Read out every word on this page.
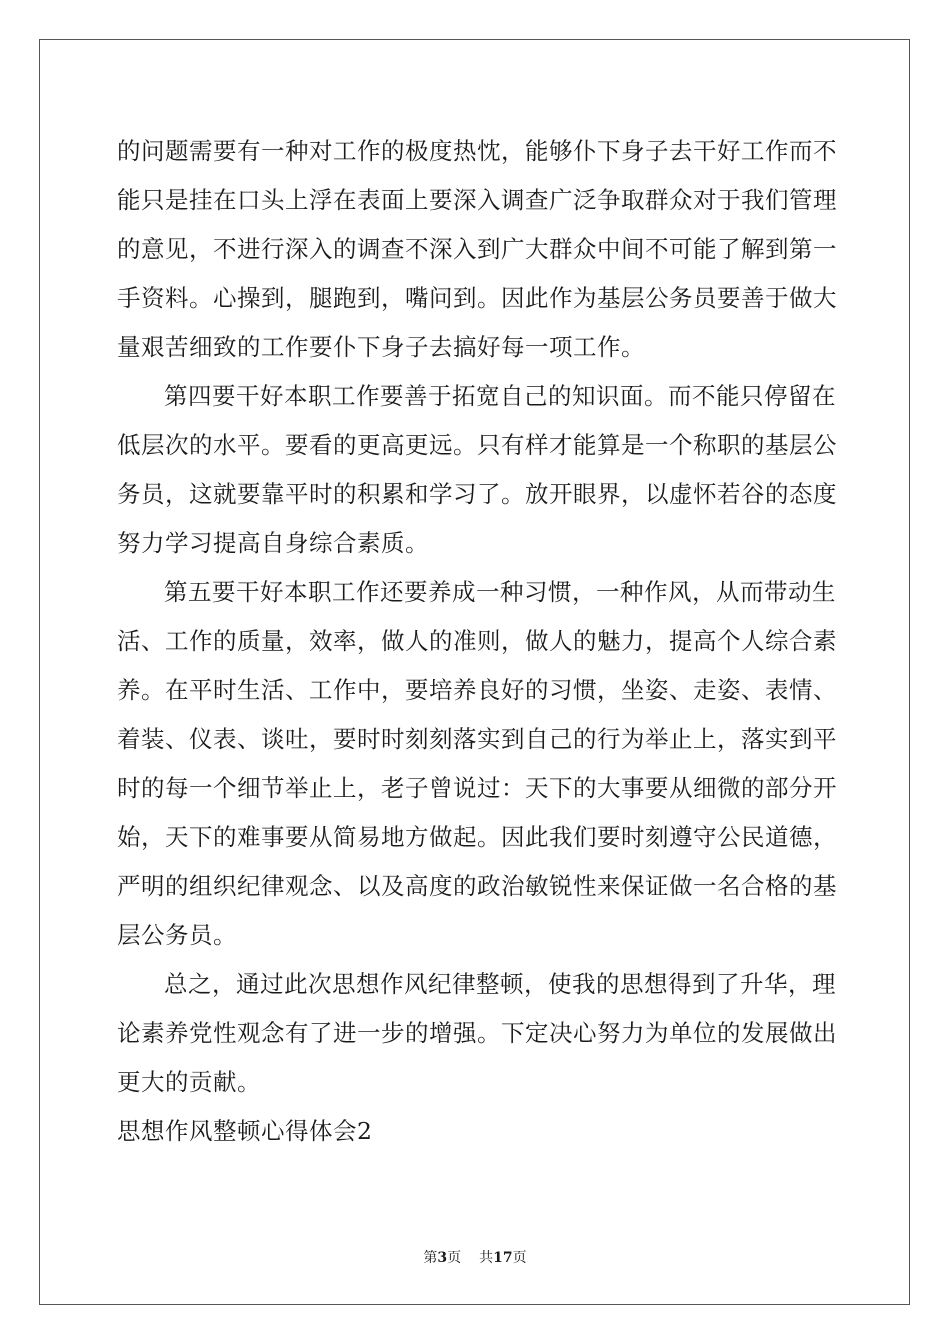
的问题需要有一种对工作的极度热忱，能够仆下身子去干好工作而不
能只是挂在口头上浮在表面上要深入调查广泛争取群众对于我们管理
的意见，不进行深入的调查不深入到广大群众中间不可能了解到第一
手资料。心操到，腿跑到，嘴问到。因此作为基层公务员要善于做大
量艰苦细致的工作要仆下身子去搞好每一项工作。
第四要干好本职工作要善于拓宽自己的知识面。而不能只停留在
低层次的水平。要看的更高更远。只有样才能算是一个称职的基层公
务员，这就要靠平时的积累和学习了。放开眼界，以虚怀若谷的态度
努力学习提高自身综合素质。
第五要干好本职工作还要养成一种习惯，一种作风，从而带动生
活、工作的质量，效率，做人的准则，做人的魅力，提高个人综合素
养。在平时生活、工作中，要培养良好的习惯，坐姿、走姿、表情、
着装、仪表、谈吐，要时时刻刻落实到自己的行为举止上，落实到平
时的每一个细节举止上，老子曾说过：天下的大事要从细微的部分开
始，天下的难事要从简易地方做起。因此我们要时刻遵守公民道德，
严明的组织纪律观念、以及高度的政治敏锐性来保证做一名合格的基
层公务员。
总之，通过此次思想作风纪律整顿，使我的思想得到了升华，理
论素养党性观念有了进一步的增强。下定决心努力为单位的发展做出
更大的贡献。
思想作风整顿心得体会2
第3页 共17页
